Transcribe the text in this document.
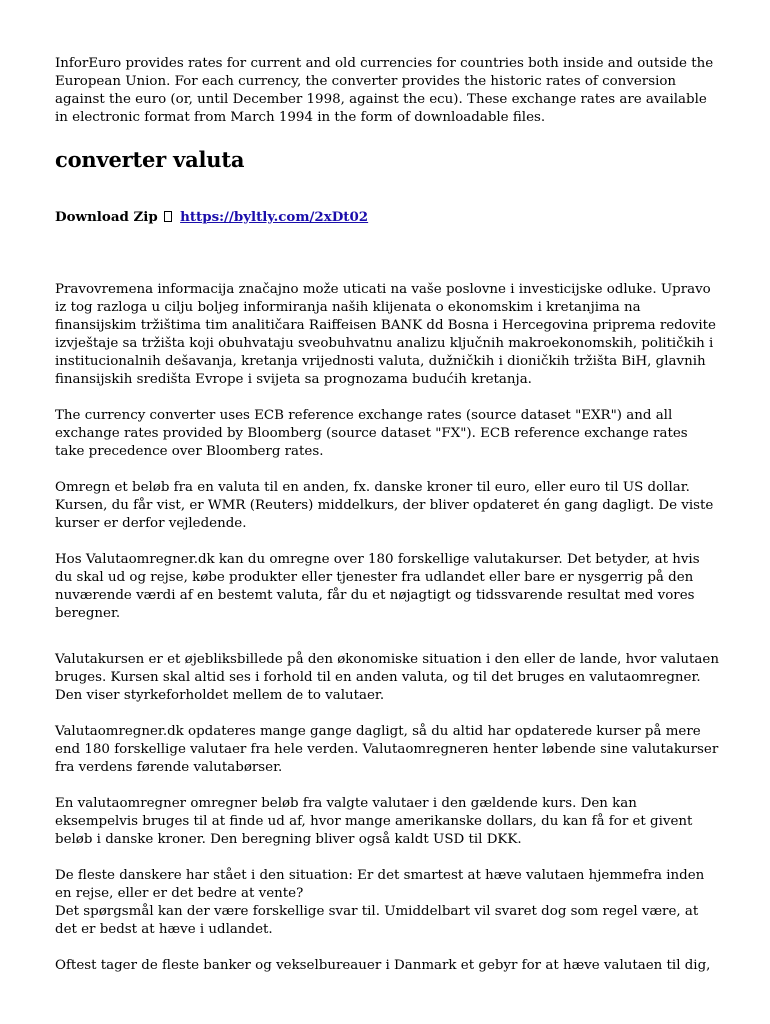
InforEuro provides rates for current and old currencies for countries both inside and outside the European Union. For each currency, the converter provides the historic rates of conversion against the euro (or, until December 1998, against the ecu). These exchange rates are available in electronic format from March 1994 in the form of downloadable files.

converter valuta
Download Zip https://byltly.com/2xDt02

Pravovremena informacija značajno može uticati na vaše poslovne i investicijske odluke. Upravo iz tog razloga u cilju boljeg informiranja naših klijenata o ekonomskim i kretanjima na finansijskim tržištima tim analitičara Raiffeisen BANK dd Bosna i Hercegovina priprema redovite izvještaje sa tržišta koji obuhvataju sveobuhvatnu analizu ključnih makroekonomskih, političkih i institucionalnih dešavanja, kretanja vrijednosti valuta, dužničkih i dioničkih tržišta BiH, glavnih finansijskih središta Evrope i svijeta sa prognozama budućih kretanja.

The currency converter uses ECB reference exchange rates (source dataset "EXR") and all exchange rates provided by Bloomberg (source dataset "FX"). ECB reference exchange rates take precedence over Bloomberg rates.

Omregn et beløb fra en valuta til en anden, fx. danske kroner til euro, eller euro til US dollar. Kursen, du får vist, er WMR (Reuters) middelkurs, der bliver opdateret én gang dagligt. De viste kurser er derfor vejledende.

Hos Valutaomregner.dk kan du omregne over 180 forskellige valutakurser. Det betyder, at hvis du skal ud og rejse, købe produkter eller tjenester fra udlandet eller bare er nysgerrig på den nuværende værdi af en bestemt valuta, får du et nøjagtigt og tidssvarende resultat med vores beregner.

Valutakursen er et øjebliksbillede på den økonomiske situation i den eller de lande, hvor valutaen bruges. Kursen skal altid ses i forhold til en anden valuta, og til det bruges en valutaomregner. Den viser styrkeforholdet mellem de to valutaer.

Valutaomregner.dk opdateres mange gange dagligt, så du altid har opdaterede kurser på mere end 180 forskellige valutaer fra hele verden. Valutaomregneren henter løbende sine valutakurser fra verdens førende valutabørser.

En valutaomregner omregner beløb fra valgte valutaer i den gældende kurs. Den kan eksempelvis bruges til at finde ud af, hvor mange amerikanske dollars, du kan få for et givent beløb i danske kroner. Den beregning bliver også kaldt USD til DKK.

De fleste danskere har stået i den situation: Er det smartest at hæve valutaen hjemmefra inden en rejse, eller er det bedre at vente?

Det spørgsmål kan der være forskellige svar til. Umiddelbart vil svaret dog som regel være, at det er bedst at hæve i udlandet.

Oftest tager de fleste banker og vekselbureauer i Danmark et gebyr for at hæve valutaen til dig,
